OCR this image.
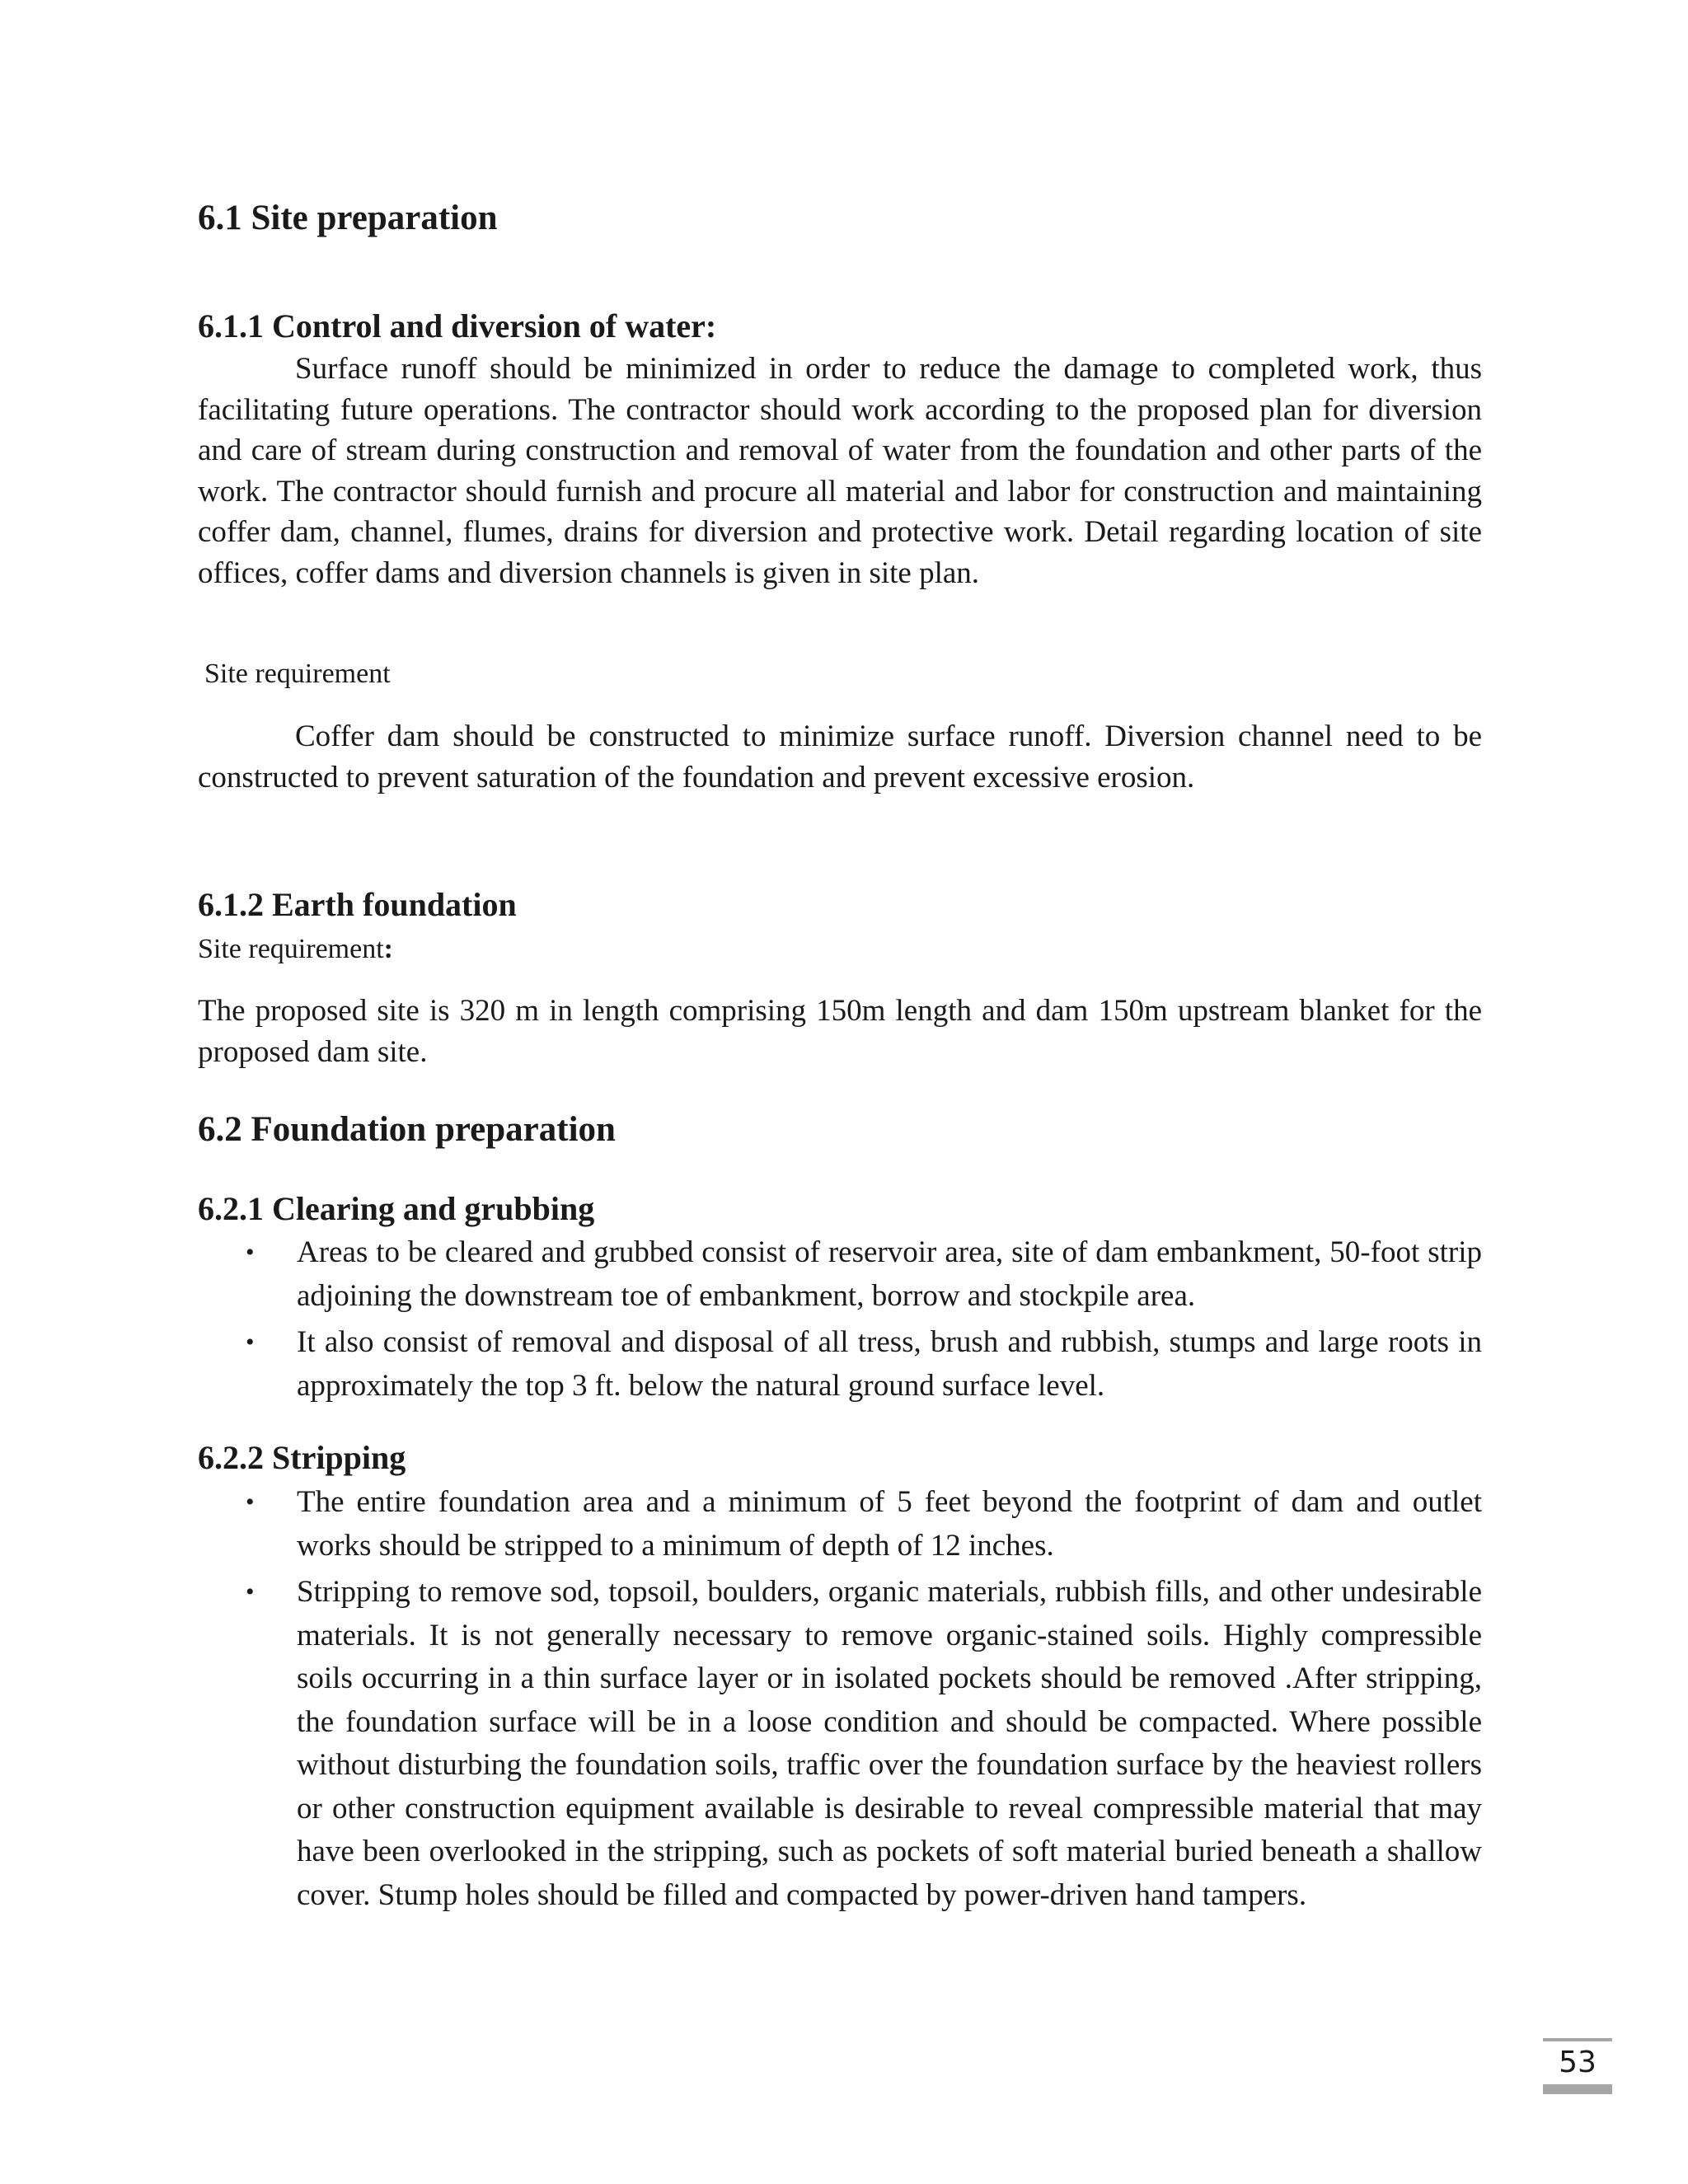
6.1 Site preparation
6.1.1 Control and diversion of water:

Surface runoff should be minimized in order to reduce the damage to completed work, thus facilitating future operations. The contractor should work according to the proposed plan for diversion and care of stream during construction and removal of water from the foundation and other parts of the work. The contractor should furnish and procure all material and labor for construction and maintaining coffer dam, channel, flumes, drains for diversion and protective work. Detail regarding location of site offices, coffer dams and diversion channels is given in site plan.

Site requirement

Coffer dam should be constructed to minimize surface runoff. Diversion channel need to be constructed to prevent saturation of the foundation and prevent excessive erosion.

6.1.2 Earth foundation

Site requirement:

The proposed site is 320 m in length comprising 150m length and dam 150m upstream blanket for the proposed dam site.

6.2 Foundation preparation
6.2.1 Clearing and grubbing
• Areas to be cleared and grubbed consist of reservoir area, site of dam embankment, 50-foot strip adjoining the downstream toe of embankment, borrow and stockpile area.
• It also consist of removal and disposal of all tress, brush and rubbish, stumps and large roots in approximately the top 3 ft. below the natural ground surface level.
6.2.2 Stripping
• The entire foundation area and a minimum of 5 feet beyond the footprint of dam and outlet works should be stripped to a minimum of depth of 12 inches.
• Stripping to remove sod, topsoil, boulders, organic materials, rubbish fills, and other undesirable materials. It is not generally necessary to remove organic-stained soils. Highly compressible soils occurring in a thin surface layer or in isolated pockets should be removed .After stripping, the foundation surface will be in a loose condition and should be compacted. Where possible without disturbing the foundation soils, traffic over the foundation surface by the heaviest rollers or other construction equipment available is desirable to reveal compressible material that may have been overlooked in the stripping, such as pockets of soft material buried beneath a shallow cover. Stump holes should be filled and compacted by power-driven hand tampers.
53
